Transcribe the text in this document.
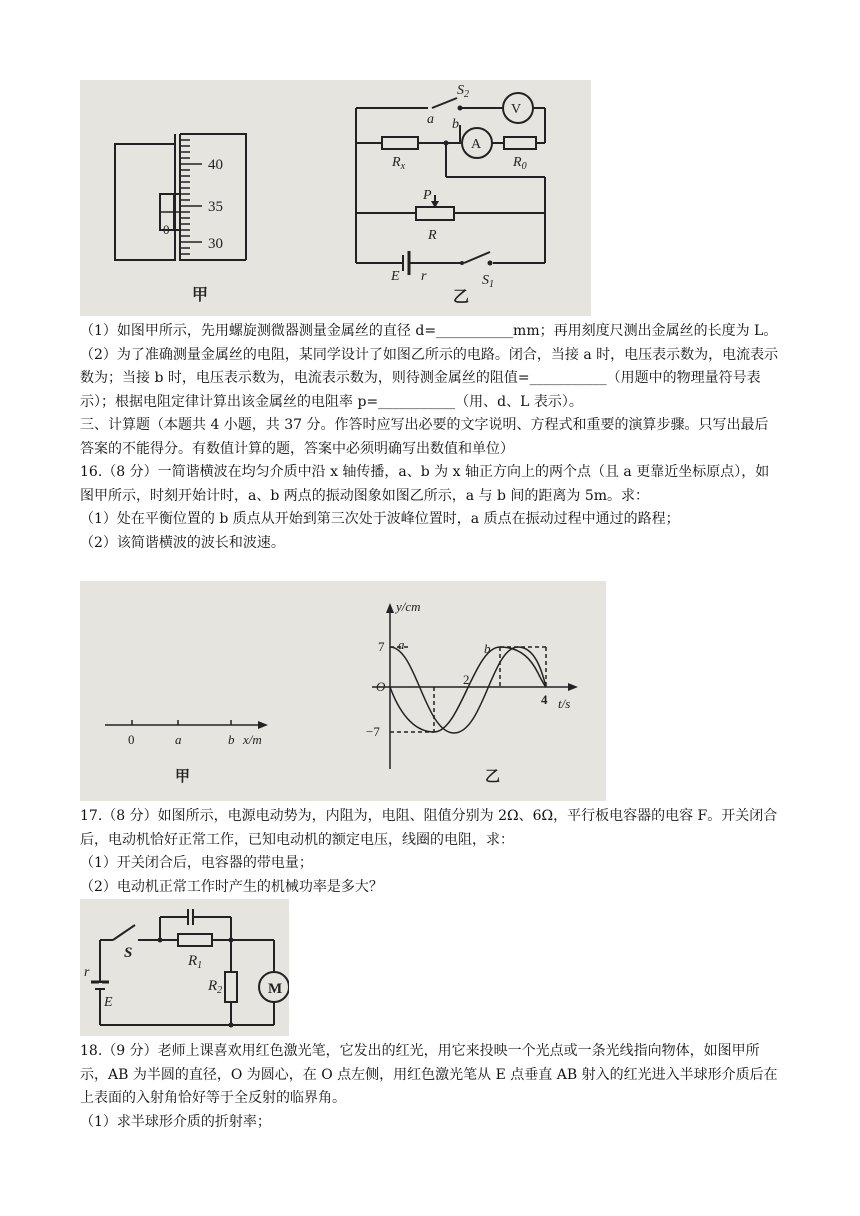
40
35
30
0
甲
$S_2$
V
A
a b
$R_x$	$R_0$
P
R
E r	$S_1$
乙
（1）如图甲所示，先用螺旋测微器测量金属丝的直径 d=___________mm；再用刻度尺测出金属丝的长度为 L。
（2）为了准确测量金属丝的电阻，某同学设计了如图乙所示的电路。闭合，当接 a 时，电压表示数为，电流表示数为；当接 b 时，电压表示数为，电流表示数为，则待测金属丝的阻值=___________（用题中的物理量符号表示）；根据电阻定律计算出该金属丝的电阻率 p=___________（用、d、L 表示）。
三、计算题（本题共 4 小题，共 37 分。作答时应写出必要的文字说明、方程式和重要的演算步骤。只写出最后答案的不能得分。有数值计算的题，答案中必须明确写出数值和单位）
16.（8 分）一简谐横波在均匀介质中沿 x 轴传播，a、b 为 x 轴正方向上的两个点（且 a 更靠近坐标原点），如图甲所示，时刻开始计时，a、b 两点的振动图象如图乙所示，a 与 b 间的距离为 5m。求：
（1）处在平衡位置的 b 质点从开始到第三次处于波峰位置时，a 质点在振动过程中通过的路程；
（2）该简谐横波的波长和波速。
0	a	b x/m
甲
y/cm
t/s
O
7
−7
2
4
a	b
乙
17.（8 分）如图所示，电源电动势为，内阻为，电阻、阻值分别为 2Ω、6Ω，平行板电容器的电容 F。开关闭合后，电动机恰好正常工作，已知电动机的额定电压，线圈的电阻，求：
（1）开关闭合后，电容器的带电量；
（2）电动机正常工作时产生的机械功率是多大？
S	$R_1$
$R_2$	M
r
E
18.（9 分）老师上课喜欢用红色激光笔，它发出的红光，用它来投映一个光点或一条光线指向物体，如图甲所示，AB 为半圆的直径，O 为圆心，在 O 点左侧，用红色激光笔从 E 点垂直 AB 射入的红光进入半球形介质后在上表面的入射角恰好等于全反射的临界角。
（1）求半球形介质的折射率；
